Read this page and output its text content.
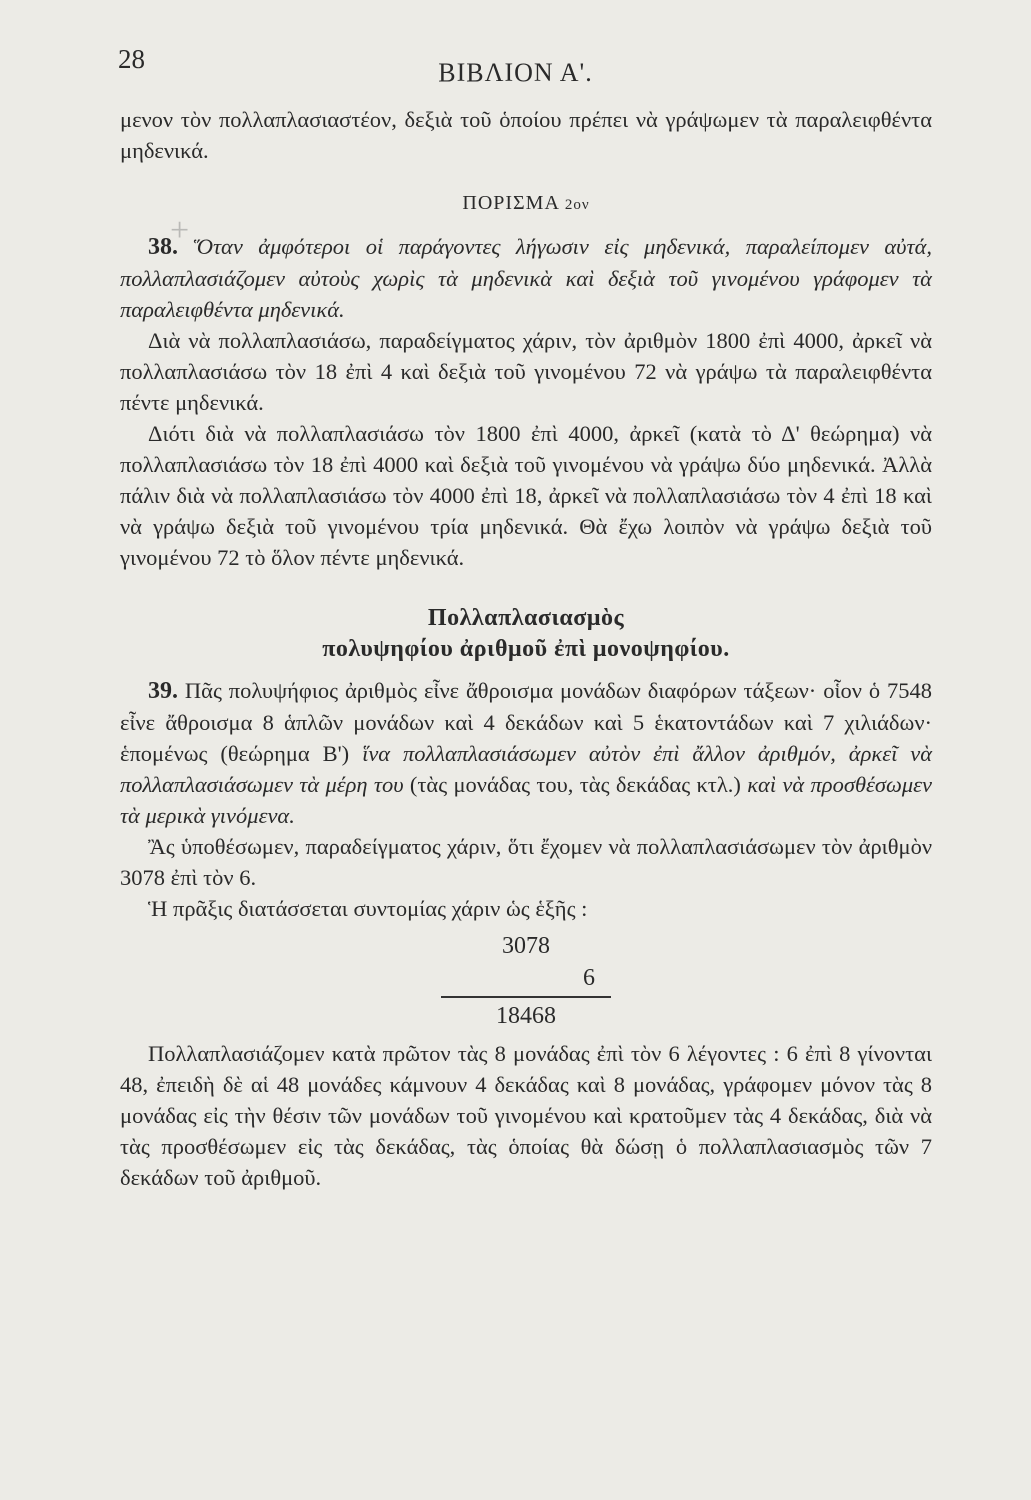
28	ΒΙΒΛΙΟΝ Α'.
+

μενον τὸν πολλαπλασιαστέον, δεξιὰ τοῦ ὁποίου πρέπει νὰ γράψωμεν τὰ παραλειφθέντα μηδενικά.

ΠΟΡΙΣΜΑ 2ον

38. Ὅταν ἀμφότεροι οἱ παράγοντες λήγωσιν εἰς μηδενικά, παραλείπομεν αὐτά, πολλαπλασιάζομεν αὐτοὺς χωρὶς τὰ μηδενικὰ καὶ δεξιὰ τοῦ γινομένου γράφομεν τὰ παραλειφθέντα μηδενικά.

Διὰ νὰ πολλαπλασιάσω, παραδείγματος χάριν, τὸν ἀριθμὸν 1800 ἐπὶ 4000, ἀρκεῖ νὰ πολλαπλασιάσω τὸν 18 ἐπὶ 4 καὶ δεξιὰ τοῦ γινομένου 72 νὰ γράψω τὰ παραλειφθέντα πέντε μηδενικά.

Διότι διὰ νὰ πολλαπλασιάσω τὸν 1800 ἐπὶ 4000, ἀρκεῖ (κατὰ τὸ Δ' θεώρημα) νὰ πολλαπλασιάσω τὸν 18 ἐπὶ 4000 καὶ δεξιὰ τοῦ γινομένου νὰ γράψω δύο μηδενικά. Ἀλλὰ πάλιν διὰ νὰ πολλαπλασιάσω τὸν 4000 ἐπὶ 18, ἀρκεῖ νὰ πολλαπλασιάσω τὸν 4 ἐπὶ 18 καὶ νὰ γράψω δεξιὰ τοῦ γινομένου τρία μηδενικά. Θὰ ἔχω λοιπὸν νὰ γράψω δεξιὰ τοῦ γινομένου 72 τὸ ὅλον πέντε μηδενικά.

Πολλαπλασιασμὸς
πολυψηφίου ἀριθμοῦ ἐπὶ μονοψηφίου.

39. Πᾶς πολυψήφιος ἀριθμὸς εἶνε ἄθροισμα μονάδων διαφόρων τάξεων· οἷον ὁ 7548 εἶνε ἄθροισμα 8 ἁπλῶν μονάδων καὶ 4 δεκάδων καὶ 5 ἑκατοντάδων καὶ 7 χιλιάδων· ἑπομένως (θεώρημα Β') ἵνα πολλαπλασιάσωμεν αὐτὸν ἐπὶ ἄλλον ἀριθμόν, ἀρκεῖ νὰ πολλαπλασιάσωμεν τὰ μέρη του (τὰς μονάδας του, τὰς δεκάδας κτλ.) καὶ νὰ προσθέσωμεν τὰ μερικὰ γινόμενα.

Ἂς ὑποθέσωμεν, παραδείγματος χάριν, ὅτι ἔχομεν νὰ πολλαπλασιάσωμεν τὸν ἀριθμὸν 3078 ἐπὶ τὸν 6.

Ἡ πρᾶξις διατάσσεται συντομίας χάριν ὡς ἑξῆς :

3078
6
18468

Πολλαπλασιάζομεν κατὰ πρῶτον τὰς 8 μονάδας ἐπὶ τὸν 6 λέγοντες : 6 ἐπὶ 8 γίνονται 48, ἐπειδὴ δὲ αἱ 48 μονάδες κάμνουν 4 δεκάδας καὶ 8 μονάδας, γράφομεν μόνον τὰς 8 μονάδας εἰς τὴν θέσιν τῶν μονάδων τοῦ γινομένου καὶ κρατοῦμεν τὰς 4 δεκάδας, διὰ νὰ τὰς προσθέσωμεν εἰς τὰς δεκάδας, τὰς ὁποίας θὰ δώσῃ ὁ πολλαπλασιασμὸς τῶν 7 δεκάδων τοῦ ἀριθμοῦ.
